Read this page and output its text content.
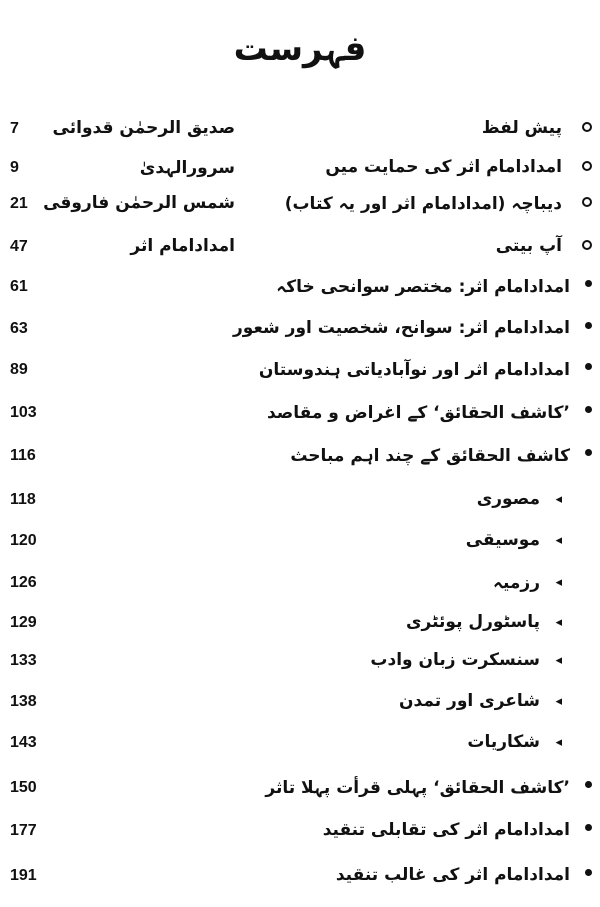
فہرست
7	صدیق الرحمٰن قدوائی	پیش لفظ
9	سرورالہدیٰ	امدادامام اثر کی حمایت میں
21 شمس الرحمٰن فاروقی	دیباچہ (امدادامام اثر اور یہ کتاب)
47	امدادامام اثر	آپ بیتی
61	امدادامام اثر: مختصر سوانحی خاکہ
63	امدادامام اثر: سوانح، شخصیت اور شعور
89	امدادامام اثر اور نوآبادیاتی ہندوستان
103	’کاشف الحقائق‘ کے اغراض و مقاصد
116	کاشف الحقائق کے چند اہم مباحث
118	مصوری ◂
120	موسیقی ◂
126	رزمیہ ◂
129	پاسٹورل پوئٹری ◂
133	سنسکرت زبان وادب ◂
138	شاعری اور تمدن ◂
143	شکاریات ◂
150	’کاشف الحقائق‘ پہلی قرأت پہلا تاثر
177	امدادامام اثر کی تقابلی تنقید
191	امدادامام اثر کی غالب تنقید
